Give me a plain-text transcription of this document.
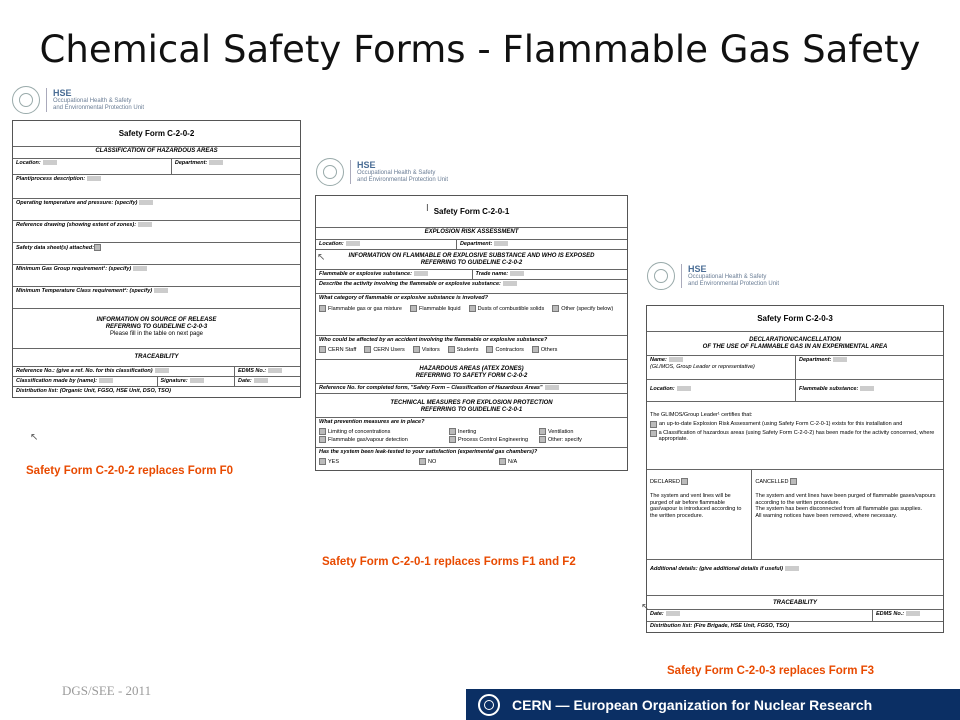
Chemical Safety Forms - Flammable Gas Safety
HSE
Occupational Health & Safety
and Environmental Protection Unit
HSE
Occupational Health & Safety
and Environmental Protection Unit
HSE
Occupational Health & Safety
and Environmental Protection Unit
Safety Form C-2-0-2
CLASSIFICATION OF HAZARDOUS AREAS
Location:	Department:
Plant/process description:
Operating temperature and pressure: (specify)
Reference drawing (showing extent of zones):
Safety data sheet(s) attached:
Minimum Gas Group requirement¹: (specify)
Minimum Temperature Class requirement²: (specify)
INFORMATION ON SOURCE OF RELEASE
REFERRING TO GUIDELINE C-2-0-3
Please fill in the table on next page
TRACEABILITY
Reference No.: (give a ref. No. for this classification)	EDMS No.:
Classification made by (name):	Signature:	Date:
Distribution list: (Organic Unit, FGSO, HSE Unit, DSO, TSO)
↖
Safety Form C-2-0-1
EXPLOSION RISK ASSESSMENT
Location:	Department:
INFORMATION ON FLAMMABLE OR EXPLOSIVE SUBSTANCE AND WHO IS EXPOSED
REFERRING TO GUIDELINE C-2-0-2
Flammable or explosive substance:	Trade name:
Describe the activity involving the flammable or explosive substance:
What category of flammable or explosive substance is involved?
Flammable gas or gas mixture	Flammable liquid	Dusts of combustible solids	Other (specify below)
Who could be affected by an accident involving the flammable or explosive substance?
CERN Staff	CERN Users	Visitors	Students	Contractors	Others
HAZARDOUS AREAS (ATEX ZONES)
REFERRING TO SAFETY FORM C-2-0-2
Reference No. for completed form, "Safety Form – Classification of Hazardous Areas"
TECHNICAL MEASURES FOR EXPLOSION PROTECTION
REFERRING TO GUIDELINE C-2-0-1
What prevention measures are in place?
Limiting of concentrations	Inerting	Ventilation
Flammable gas/vapour detection	Process Control Engineering	Other: specify
Has the system been leak-tested to your satisfaction (experimental gas chambers)?
YES	NO	N/A
I
↖
Safety Form C-2-0-3
DECLARATION/CANCELLATION
OF THE USE OF FLAMMABLE GAS IN AN EXPERIMENTAL AREA
Name:
(GLIMOS, Group Leader or representative)
Department:
Location:	Flammable substance:
The GLIMOS/Group Leader¹ certifies that:
an up-to-date Explosion Risk Assessment (using Safety Form C-2-0-1) exists for this installation and
a Classification of hazardous areas (using Safety Form C-2-0-2) has been made for the activity concerned, where appropriate.
DECLARED
The system and vent lines will be purged of air before flammable gas/vapour is introduced according to the written procedure.
CANCELLED
The system and vent lines have been purged of flammable gases/vapours according to the written procedure.
The system has been disconnected from all flammable gas supplies.
All warning notices have been removed, where necessary.
Additional details: (give additional details if useful)
TRACEABILITY
Date:	EDMS No.:
Distribution list: (Fire Brigade, HSE Unit, FGSO, TSO)
↖
Safety Form C-2-0-2 replaces Form F0
Safety Form C-2-0-1 replaces Forms F1 and F2
Safety Form C-2-0-3 replaces Form F3
DGS/SEE - 2011
CERN — European Organization for Nuclear Research
